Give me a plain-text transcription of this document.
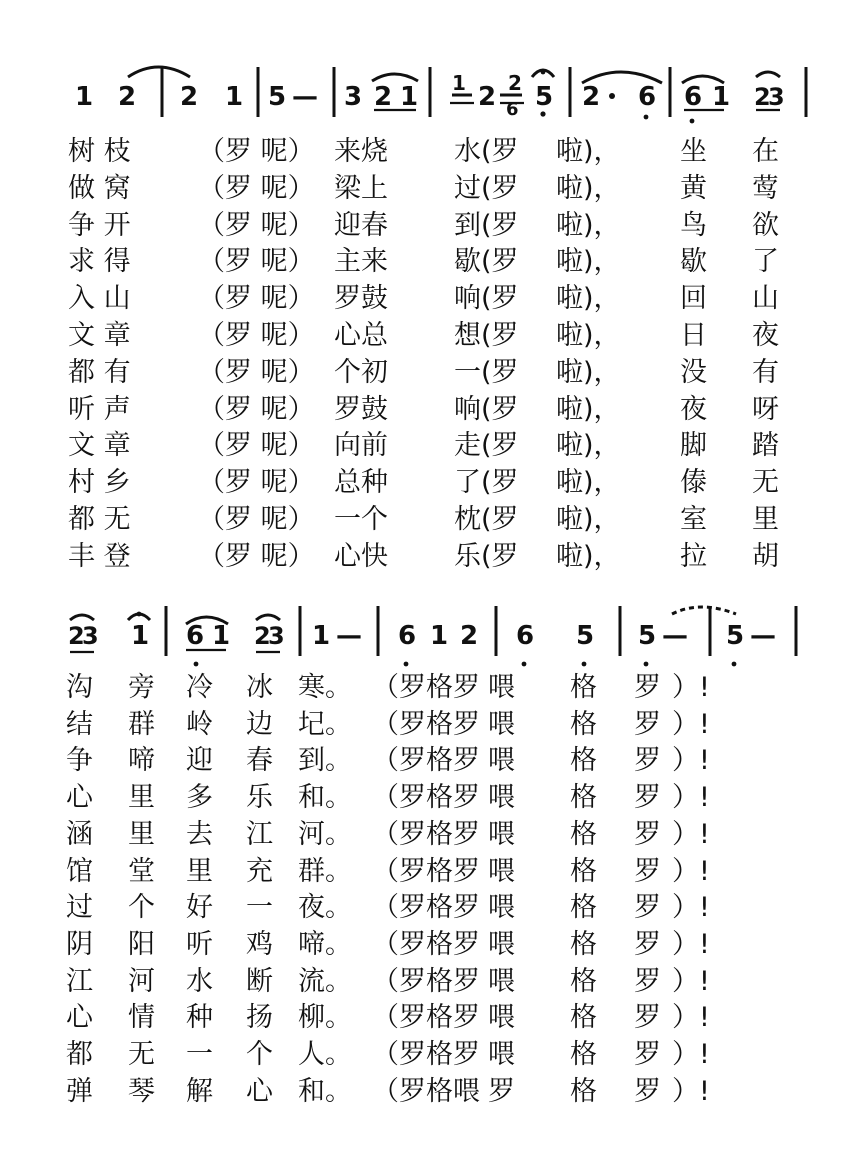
1 2 2 1 5 — 3 2 1 1 2 2
6 5 2 6 6 1 2
3
树 枝 （罗 呢） 来烧 水(罗 啦)， 坐 在
做 窝 （罗 呢） 梁上 过(罗 啦)， 黄 莺
争 开 （罗 呢） 迎春 到(罗 啦)， 鸟 欲
求 得 （罗 呢） 主来 歇(罗 啦)， 歇 了
入 山 （罗 呢） 罗鼓 响(罗 啦)， 回 山
文 章 （罗 呢） 心总 想(罗 啦)， 日 夜
都 有 （罗 呢） 个初 一(罗 啦)， 没 有
听 声 （罗 呢） 罗鼓 响(罗 啦)， 夜 呀
文 章 （罗 呢） 向前 走(罗 啦)， 脚 踏
村 乡 （罗 呢） 总种 了(罗 啦)， 傣 无
都 无 （罗 呢） 一个 枕(罗 啦)， 室 里
丰 登 （罗 呢） 心快 乐(罗 啦)， 拉 胡
2
3 1 6 1 2
3 1 — 6 1 2 6 5 5 — 5 —
沟 旁 冷 冰 寒。 （罗格罗 喂 格 罗 ）!
结 群 岭 边 圮。 （罗格罗 喂 格 罗 ）!
争 啼 迎 春 到。 （罗格罗 喂 格 罗 ）!
心 里 多 乐 和。 （罗格罗 喂 格 罗 ）!
涵 里 去 江 河。 （罗格罗 喂 格 罗 ）!
馆 堂 里 充 群。 （罗格罗 喂 格 罗 ）!
过 个 好 一 夜。 （罗格罗 喂 格 罗 ）!
阴 阳 听 鸡 啼。 （罗格罗 喂 格 罗 ）!
江 河 水 断 流。 （罗格罗 喂 格 罗 ）!
心 情 种 扬 柳。 （罗格罗 喂 格 罗 ）!
都 无 一 个 人。 （罗格罗 喂 格 罗 ）!
弹 琴 解 心 和。 （罗格喂 罗 格 罗 ）!
